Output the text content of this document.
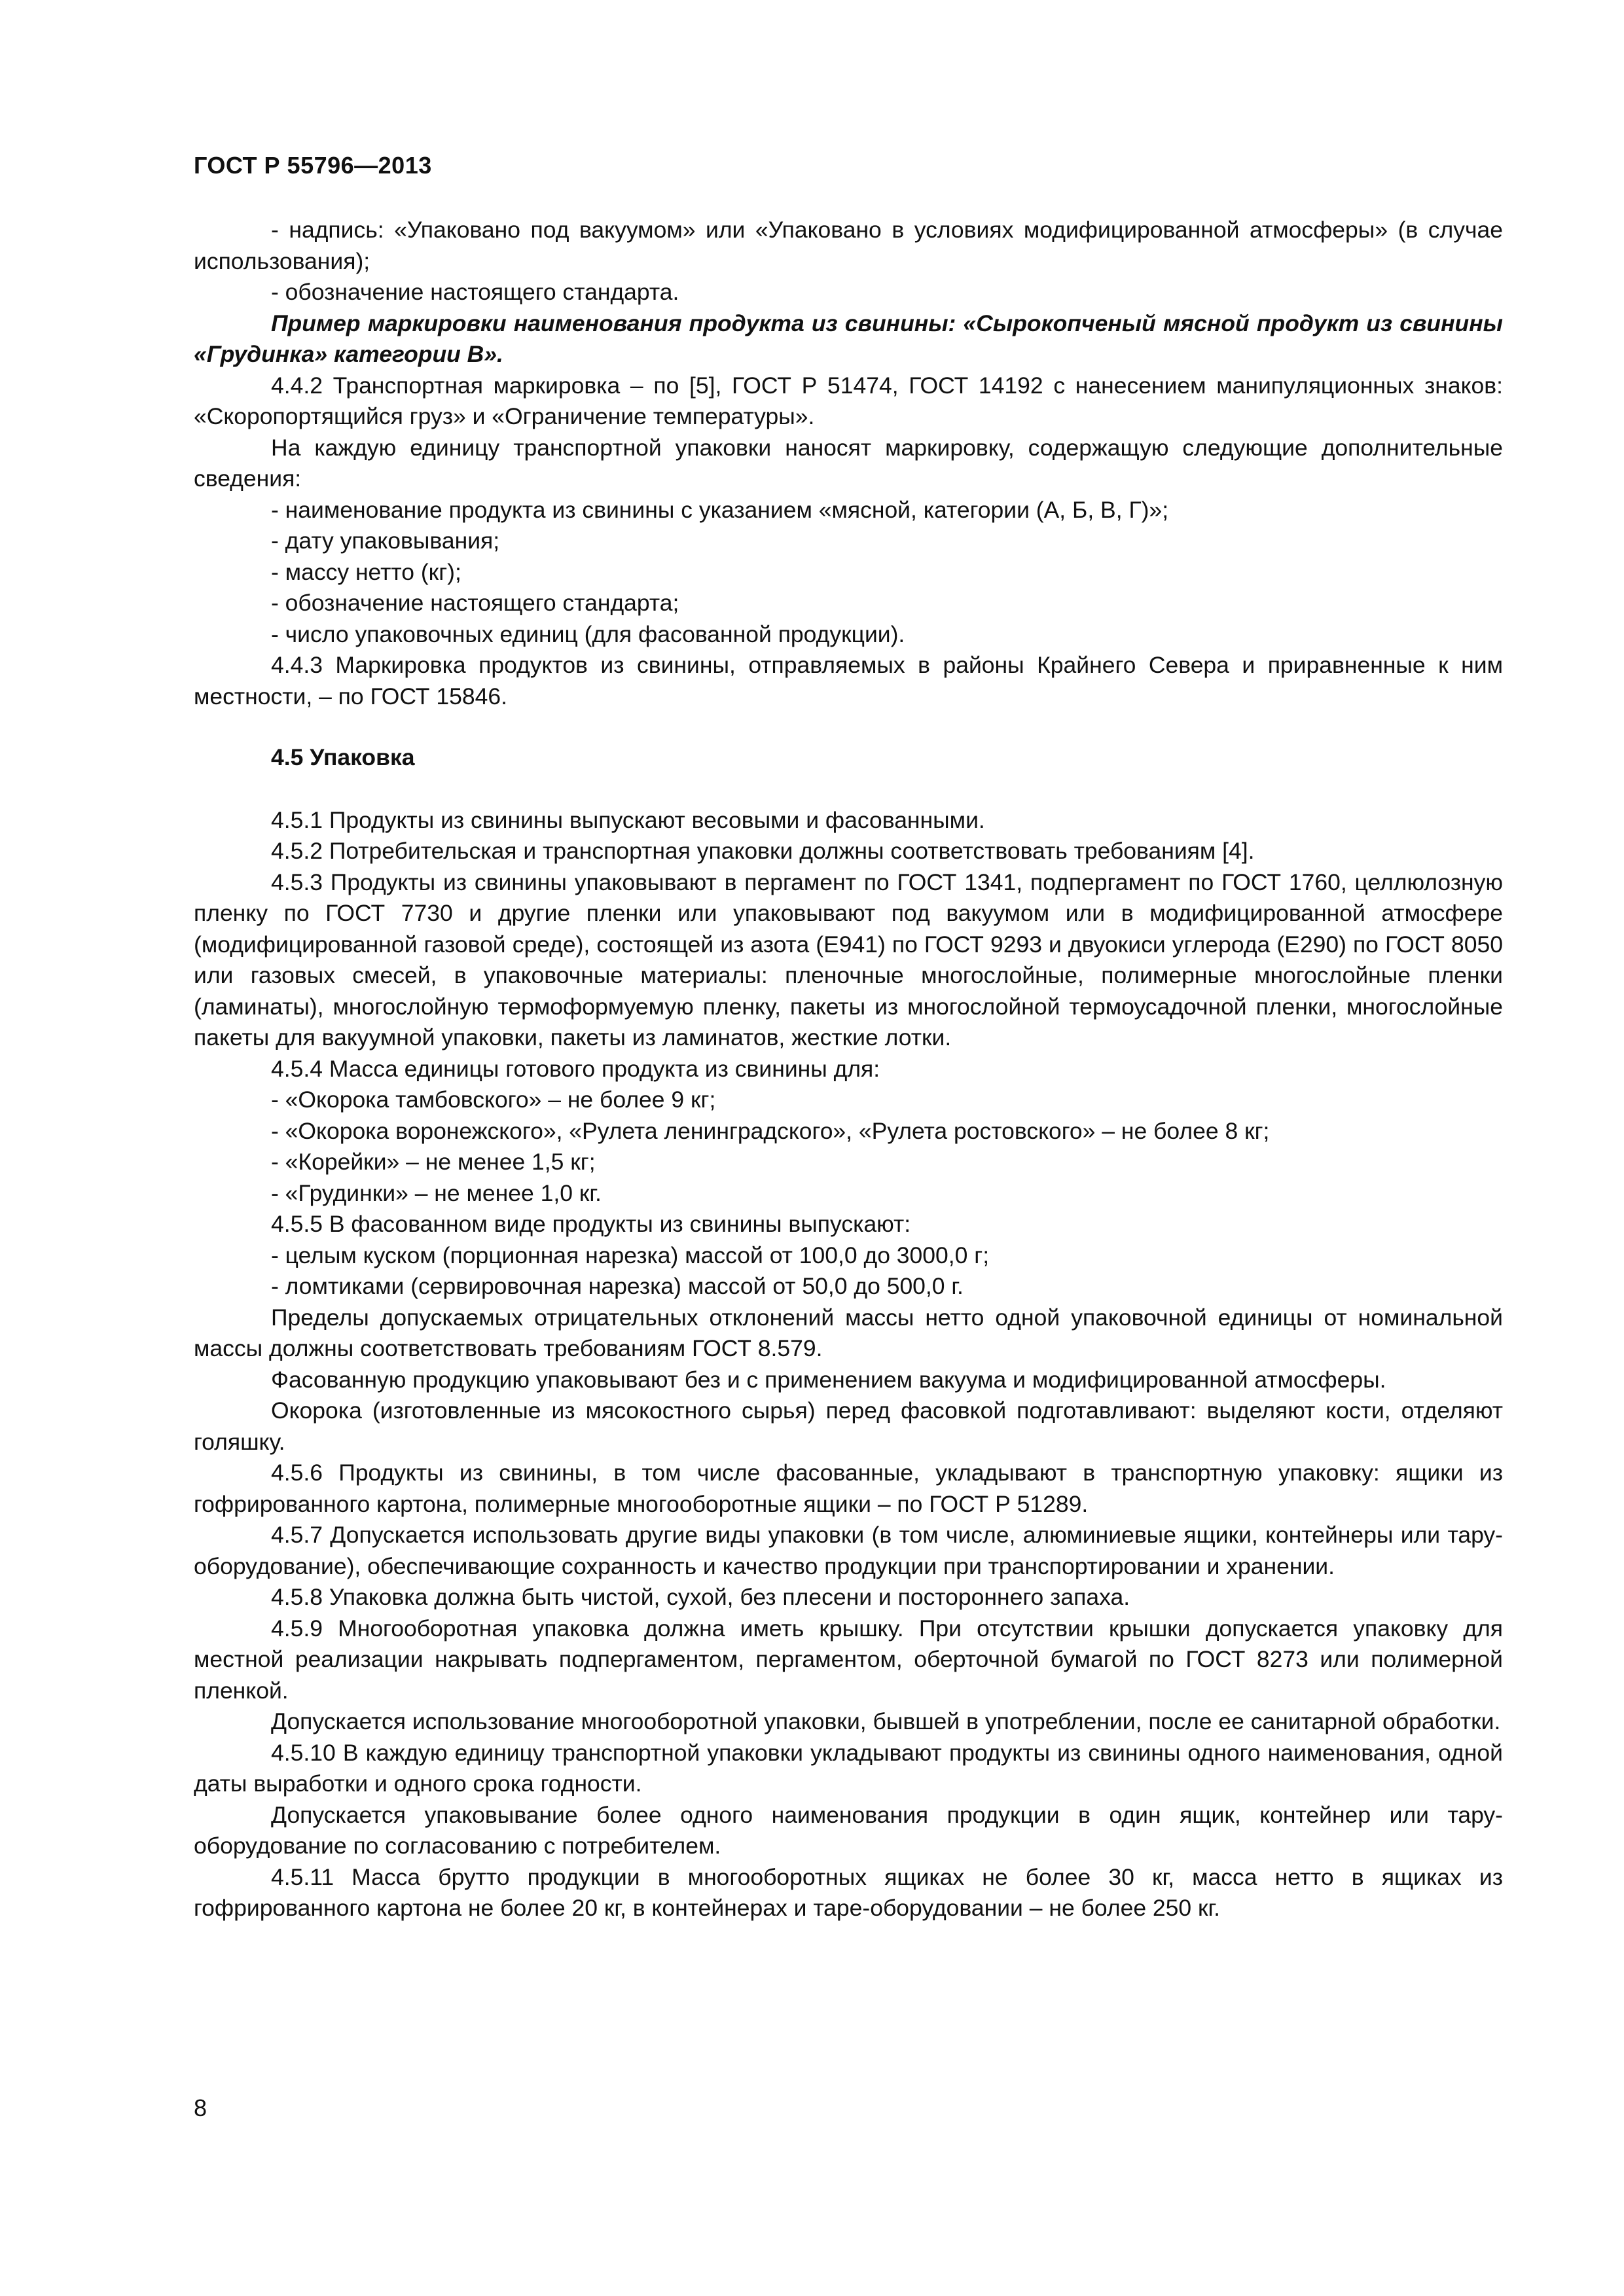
ГОСТ Р 55796—2013

- надпись: «Упаковано под вакуумом» или «Упаковано в условиях модифицированной атмосферы» (в случае использования);

- обозначение настоящего стандарта.

Пример маркировки наименования продукта из свинины: «Сырокопченый мясной продукт из свинины «Грудинка» категории В».

4.4.2 Транспортная маркировка – по [5], ГОСТ Р 51474, ГОСТ 14192 с нанесением манипуляционных знаков: «Скоропортящийся груз» и «Ограничение температуры».

На каждую единицу транспортной упаковки наносят маркировку, содержащую следующие дополнительные сведения:

- наименование продукта из свинины с указанием «мясной, категории (А, Б, В, Г)»;

- дату упаковывания;

- массу нетто (кг);

- обозначение настоящего стандарта;

- число упаковочных единиц (для фасованной продукции).

4.4.3 Маркировка продуктов из свинины, отправляемых в районы Крайнего Севера и приравненные к ним местности, – по ГОСТ 15846.

4.5 Упаковка

4.5.1 Продукты из свинины выпускают весовыми и фасованными.

4.5.2 Потребительская и транспортная упаковки должны соответствовать требованиям [4].

4.5.3 Продукты из свинины упаковывают в пергамент по ГОСТ 1341, подпергамент по ГОСТ 1760, целлюлозную пленку по ГОСТ 7730 и другие пленки или упаковывают под вакуумом или в модифицированной атмосфере (модифицированной газовой среде), состоящей из азота (Е941) по ГОСТ 9293 и двуокиси углерода (Е290) по ГОСТ 8050 или газовых смесей, в упаковочные материалы: пленочные многослойные, полимерные многослойные пленки (ламинаты), многослойную термоформуемую пленку, пакеты из многослойной термоусадочной пленки, многослойные пакеты для вакуумной упаковки, пакеты из ламинатов, жесткие лотки.

4.5.4 Масса единицы готового продукта из свинины для:

- «Окорока тамбовского» – не более 9 кг;

- «Окорока воронежского», «Рулета ленинградского», «Рулета ростовского» – не более 8 кг;

- «Корейки» – не менее 1,5 кг;

- «Грудинки» – не менее 1,0 кг.

4.5.5 В фасованном виде продукты из свинины выпускают:

- целым куском (порционная нарезка) массой от 100,0 до 3000,0 г;

- ломтиками (сервировочная нарезка) массой от 50,0 до 500,0 г.

Пределы допускаемых отрицательных отклонений массы нетто одной упаковочной единицы от номинальной массы должны соответствовать требованиям ГОСТ 8.579.

Фасованную продукцию упаковывают без и с применением вакуума и модифицированной атмосферы.

Окорока (изготовленные из мясокостного сырья) перед фасовкой подготавливают: выделяют кости, отделяют голяшку.

4.5.6 Продукты из свинины, в том числе фасованные, укладывают в транспортную упаковку: ящики из гофрированного картона, полимерные многооборотные ящики – по ГОСТ Р 51289.

4.5.7 Допускается использовать другие виды упаковки (в том числе, алюминиевые ящики, контейнеры или тару-оборудование), обеспечивающие сохранность и качество продукции при транспортировании и хранении.

4.5.8 Упаковка должна быть чистой, сухой, без плесени и постороннего запаха.

4.5.9 Многооборотная упаковка должна иметь крышку. При отсутствии крышки допускается упаковку для местной реализации накрывать подпергаментом, пергаментом, оберточной бумагой по ГОСТ 8273 или полимерной пленкой.

Допускается использование многооборотной упаковки, бывшей в употреблении, после ее санитарной обработки.

4.5.10 В каждую единицу транспортной упаковки укладывают продукты из свинины одного наименования, одной даты выработки и одного срока годности.

Допускается упаковывание более одного наименования продукции в один ящик, контейнер или тару-оборудование по согласованию с потребителем.

4.5.11 Масса брутто продукции в многооборотных ящиках не более 30 кг, масса нетто в ящиках из гофрированного картона не более 20 кг, в контейнерах и таре-оборудовании – не более 250 кг.

8
